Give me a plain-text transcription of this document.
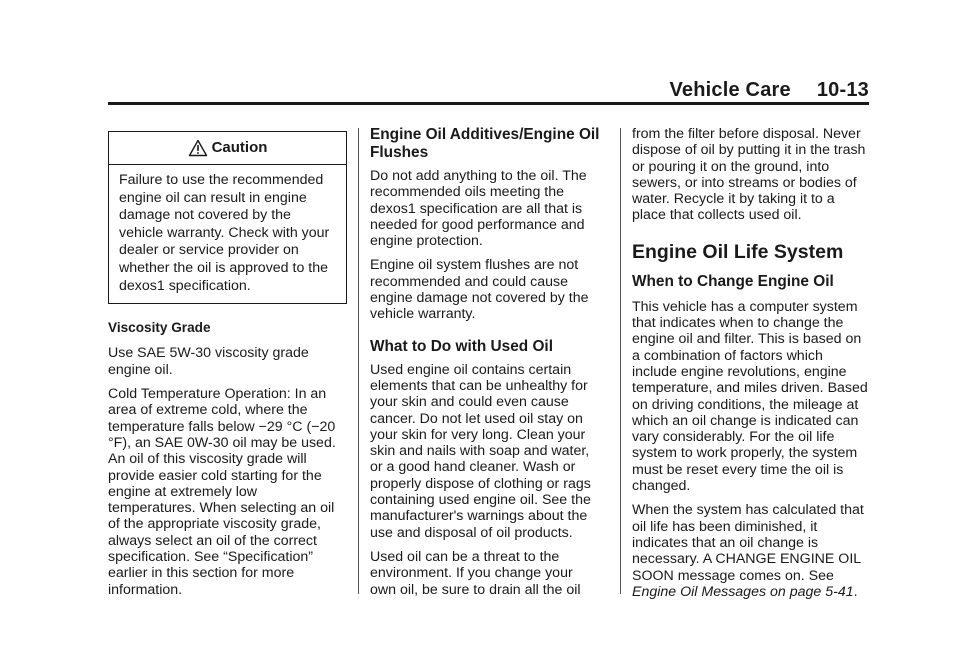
Vehicle Care 10-13
Caution
Failure to use the recommended engine oil can result in engine damage not covered by the vehicle warranty. Check with your dealer or service provider on whether the oil is approved to the dexos1 specification.
Viscosity Grade

Use SAE 5W-30 viscosity grade engine oil.

Cold Temperature Operation: In an area of extreme cold, where the temperature falls below −29 °C (−20 °F), an SAE 0W-30 oil may be used. An oil of this viscosity grade will provide easier cold starting for the engine at extremely low temperatures. When selecting an oil of the appropriate viscosity grade, always select an oil of the correct specification. See “Specification” earlier in this section for more information.

Engine Oil Additives/Engine Oil Flushes

Do not add anything to the oil. The recommended oils meeting the dexos1 specification are all that is needed for good performance and engine protection.

Engine oil system flushes are not recommended and could cause engine damage not covered by the vehicle warranty.

What to Do with Used Oil

Used engine oil contains certain elements that can be unhealthy for your skin and could even cause cancer. Do not let used oil stay on your skin for very long. Clean your skin and nails with soap and water, or a good hand cleaner. Wash or properly dispose of clothing or rags containing used engine oil. See the manufacturer's warnings about the use and disposal of oil products.

Used oil can be a threat to the environment. If you change your own oil, be sure to drain all the oil

from the filter before disposal. Never dispose of oil by putting it in the trash or pouring it on the ground, into sewers, or into streams or bodies of water. Recycle it by taking it to a place that collects used oil.

Engine Oil Life System
When to Change Engine Oil

This vehicle has a computer system that indicates when to change the engine oil and filter. This is based on a combination of factors which include engine revolutions, engine temperature, and miles driven. Based on driving conditions, the mileage at which an oil change is indicated can vary considerably. For the oil life system to work properly, the system must be reset every time the oil is changed.

When the system has calculated that oil life has been diminished, it indicates that an oil change is necessary. A CHANGE ENGINE OIL SOON message comes on. See Engine Oil Messages on page 5-41.
